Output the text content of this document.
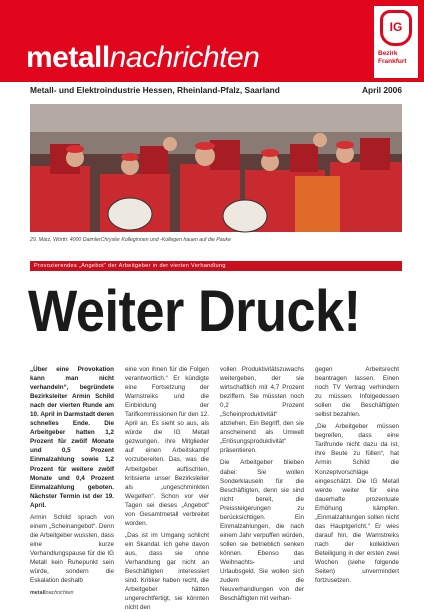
metallnachrichten
IG
Bezirk
Frankfurt
Metall- und Elektroindustrie Hessen, Rheinland-Pfalz, Saarland	April 2006
29. März, Wörth: 4000 DaimlerChrysler Kolleginnen und -Kollegen hauen auf die Pauke
Provozierendes „Angebot“ der Arbeitgeber in der vierten Verhandlung
Weiter Druck!

„Über eine Provokation kann man nicht verhandeln“, begründete Bezirksleiter Armin Schild nach der vierten Runde am 10. April in Darmstadt deren schnelles Ende. Die Arbeitgeber hatten 1,2 Prozent für zwölf Monate und 0,5 Prozent Einmalzahlung sowie 1,2 Prozent für weitere zwölf Monate und 0,4 Prozent Einmalzahlung geboten. Nächster Termin ist der 19. April.

Armin Schild sprach von einem „Scheinangebot“. Denn die Arbeitgeber wussten, dass eine kurze Verhandlungspause für die IG Metall kein Ruhepunkt sein würde, sondern die Eskalation deshalb

eine von ihnen für die Folgen verantwortlich.“ Er kündigte eine Fortsetzung der Warnstreiks und die Einbindung der Tarifkommissionen für den 12. April an. Es sieht so aus, als würde die IG Metall gezwungen, ihre Mitglieder auf einen Arbeitskampf vorzubereiten. Das, was die Arbeitgeber auftischten, kritisierte unser Bezirksleiter als „ungeschminkten Wegelfen“. Schon vor vier Tagen sei dieses „Angebot“ von Gesamtmetall verbreitet worden.

„Das ist im Umgang schlicht ein Skandal. Ich gehe davon aus, dass sie ohne Verhandlung gar nicht an Beschäftigten interessiert sind. Kritiker haben recht, die Arbeitgeber hätten ungerechtfertigt, sie könnten nicht den

vollen Produktivitätszuwachs weitergeben, der sie wirtschaftlich mit 4,7 Prozent beziffern. Sie müssten noch 0,2 Prozent „Scheinproduktivität“ abziehen. Ein Begriff, den sie anscheinend als Umwelt „Erlösungsproduktivität“ präsentieren.

Die Arbeitgeber blieben dabei: Sie wollen Sonderklauseln für die Beschäftigten, denn sie sind nicht bereit, die Preissteigerungen zu berücksichtigen. Ein Einmalzahlungen, die nach einem Jahr verpuffen würden, sollen sie betrieblich senken können. Ebenso das Weihnachts- und Urlaubsgeld. Sie wollen sich zudem die Neuverhandlungen von der Beschäftigten mit verhan-

gegen Arbeitsrecht beantragen lassen. Einen noch TV Vertrag verhindern zu müssen. Infolgedessen sollen die Beschäftigten selbst bezahlen.

„Die Arbeitgeber müssen begreifen, dass eine Tarifrunde nicht dazu da ist, ihre Beute zu füllen“, hat Armin Schild die Konzeptvorschläge eingeschätzt. Die IG Metall werde weiter für eine dauerhafte prozentuale Erhöhung kämpfen. „Einmalzahlungen sollen nicht das Hauptgericht.“ Er wies darauf hin, die Warnstreiks nach der kollektiven Beteiligung in der ersten zwei Wochen (siehe folgende Seiten) unvermindert fortzusetzen.

metallnachrichten
